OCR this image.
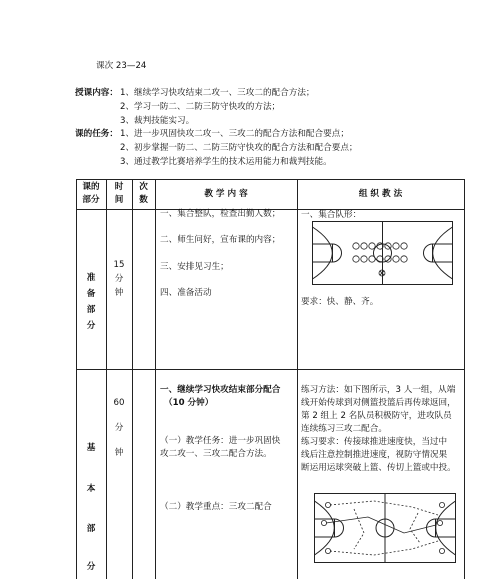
课次 23—24
授课内容： 1、继续学习快攻结束二攻一、三攻二的配合方法；
2、学习一防二、二防三防守快攻的方法；
3、裁判技能实习。
课的任务： 1、进一步巩固快攻二攻一、三攻二的配合方法和配合要点；
2、初步掌握一防二、二防三防守快攻的配合方法和配合要点；
3、通过教学比赛培养学生的技术运用能力和裁判技能。
课的
部分
时
间
次
数
教 学 内 容	组 织 教 法
准
备
部
分
15
分
钟
一、集合整队，检查出勤人数；
二、师生问好，宣布课的内容；
三、安排见习生；
四、准备活动
一、集合队形：
要求：快、静、齐。
基
本
部
分
60
分
钟
一、继续学习快攻结束部分配合
（10 分钟）
（一）教学任务：进一步巩固快
攻二攻一、三攻二配合方法。
（二）教学重点：三攻二配合
练习方法：如下图所示，3 人一组，从端
线开始传球到对侧篮投篮后再传球返回，
第 2 组上 2 名队员积极防守，进攻队员
连续练习三攻二配合。
练习要求：传接球推进速度快，当过中
线后注意控制推进速度，视防守情况果
断运用运球突破上篮、传切上篮或中投。
